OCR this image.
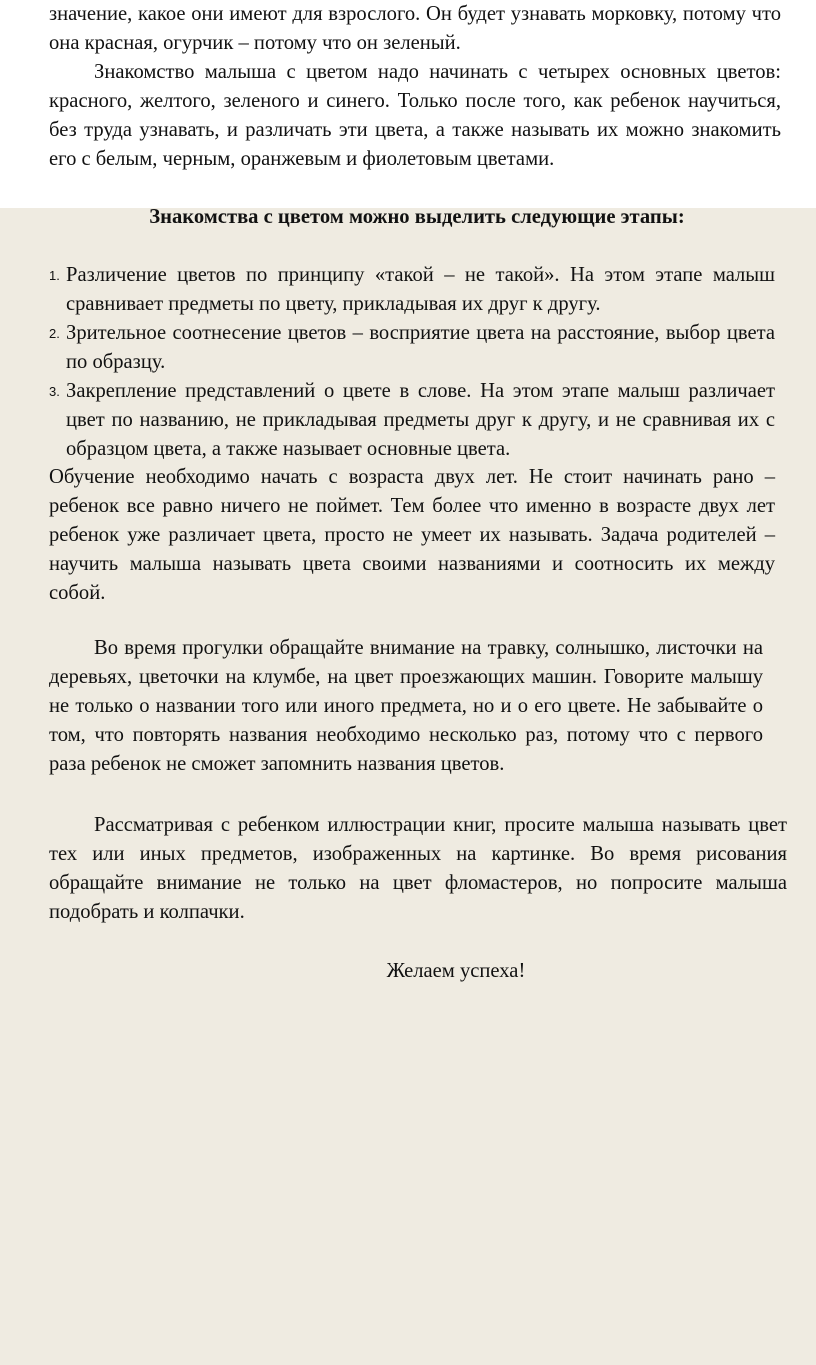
значение, какое они имеют для взрослого. Он будет узнавать морковку, потому что она красная, огурчик – потому что он зеленый.

Знакомство малыша с цветом надо начинать с четырех основных цветов: красного, желтого, зеленого и синего. Только после того, как ребенок научиться, без труда узнавать, и различать эти цвета, а также называть их можно знакомить его с белым, черным, оранжевым и фиолетовым цветами.

Знакомства с цветом можно выделить следующие этапы:
1. Различение цветов по принципу «такой – не такой». На этом этапе малыш сравнивает предметы по цвету, прикладывая их друг к другу.
2. Зрительное соотнесение цветов – восприятие цвета на расстояние, выбор цвета по образцу.
3. Закрепление представлений о цвете в слове. На этом этапе малыш различает цвет по названию, не прикладывая предметы друг к другу, и не сравнивая их с образцом цвета, а также называет основные цвета.

Обучение необходимо начать с возраста двух лет. Не стоит начинать рано – ребенок все равно ничего не поймет. Тем более что именно в возрасте двух лет ребенок уже различает цвета, просто не умеет их называть. Задача родителей – научить малыша называть цвета своими названиями и соотносить их между собой.

Во время прогулки обращайте внимание на травку, солнышко, листочки на деревьях, цветочки на клумбе, на цвет проезжающих машин. Говорите малышу не только о названии того или иного предмета, но и о его цвете. Не забывайте о том, что повторять названия необходимо несколько раз, потому что с первого раза ребенок не сможет запомнить названия цветов.

Рассматривая с ребенком иллюстрации книг, просите малыша называть цвет тех или иных предметов, изображенных на картинке. Во время рисования обращайте внимание не только на цвет фломастеров, но попросите малыша подобрать и колпачки.

Желаем успеха!
